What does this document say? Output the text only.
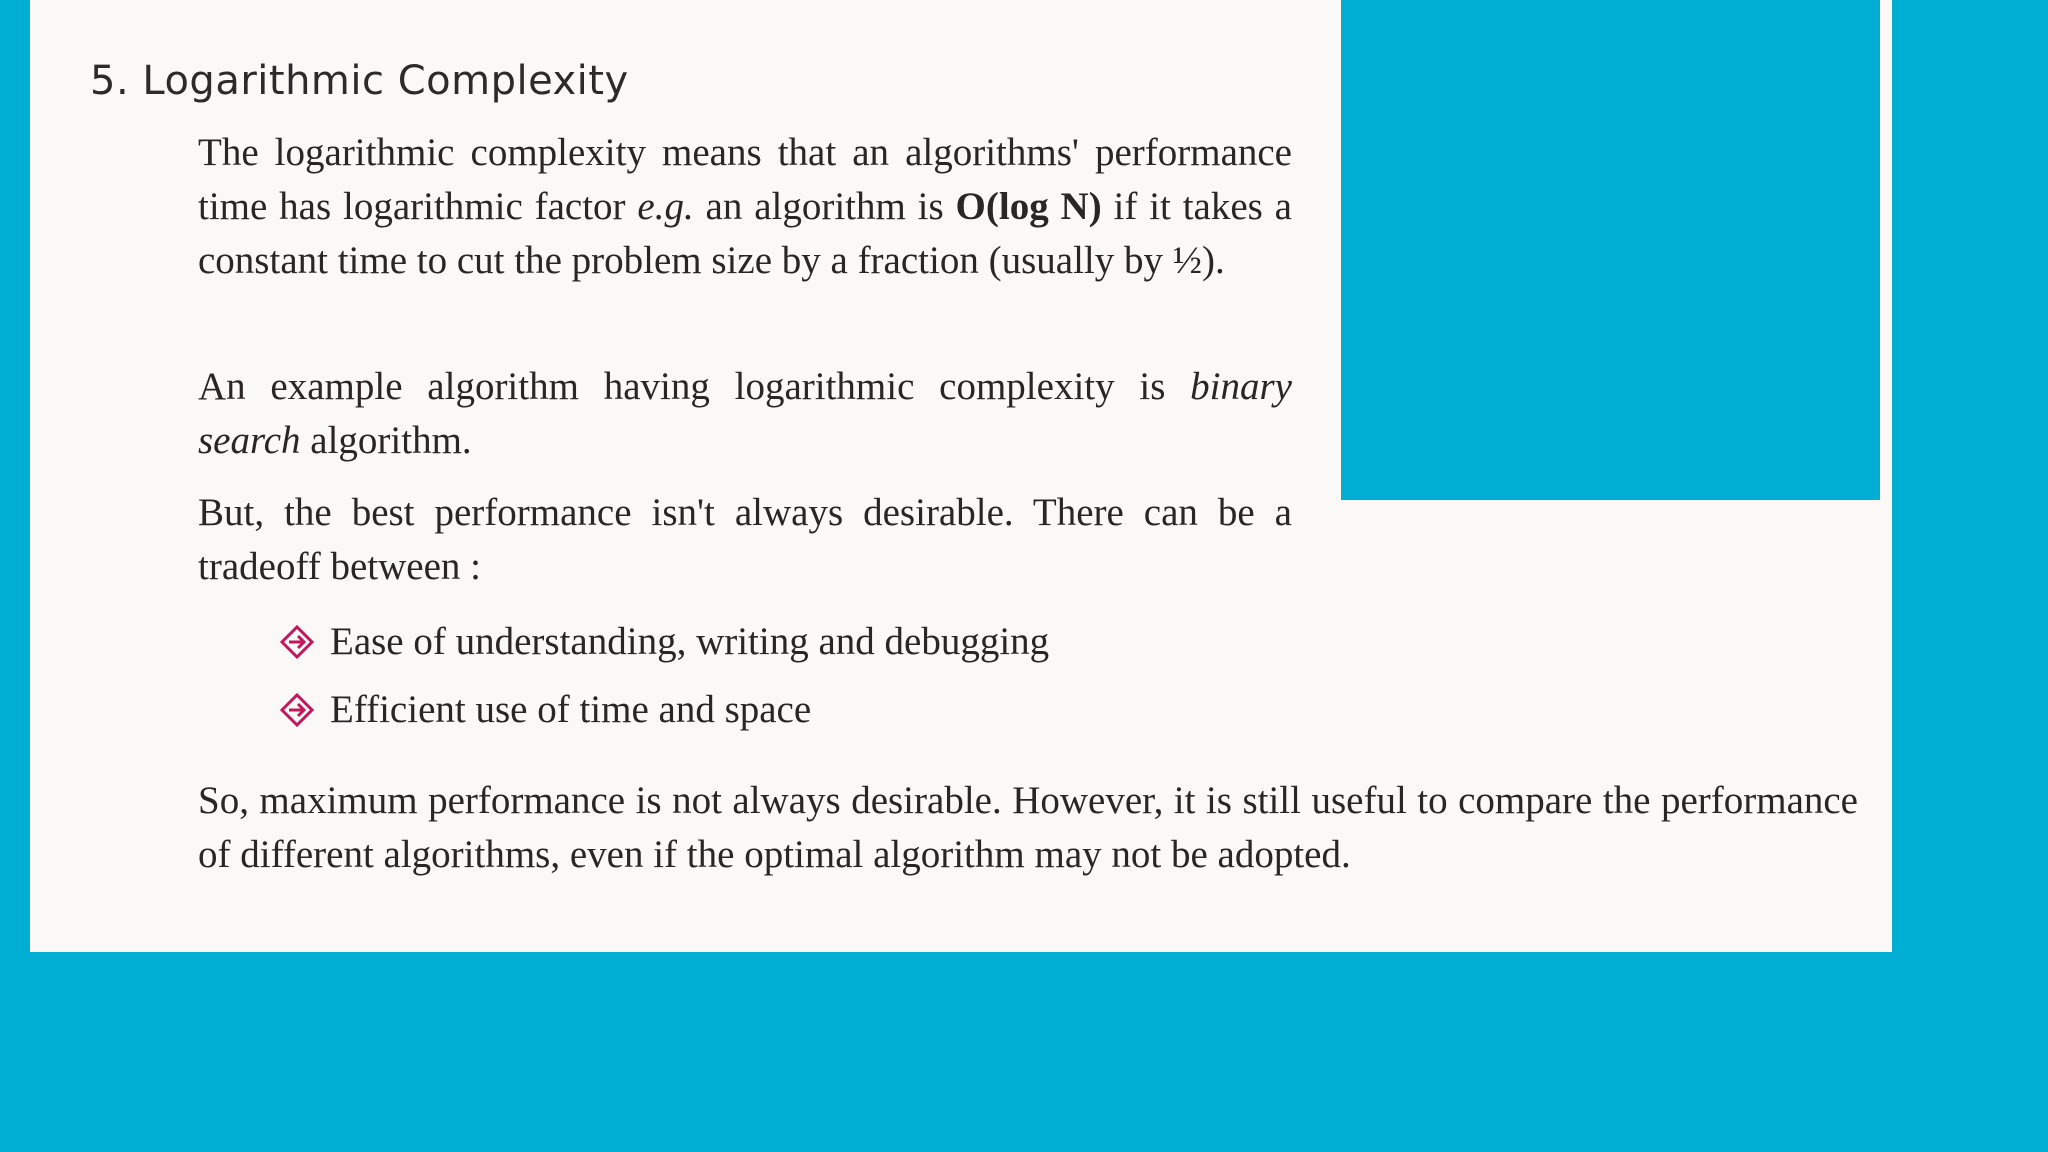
5. Logarithmic Complexity

The logarithmic complexity means that an algorithms' performance time has logarithmic factor e.g. an algorithm is O(log N) if it takes a constant time to cut the problem size by a fraction (usually by ½).

An example algorithm having logarithmic complexity is binary search algorithm.

But, the best performance isn't always desirable. There can be a tradeoff between :

Ease of understanding, writing and debugging
Efficient use of time and space

So, maximum performance is not always desirable. However, it is still useful to compare the performance of different algorithms, even if the optimal algorithm may not be adopted.
